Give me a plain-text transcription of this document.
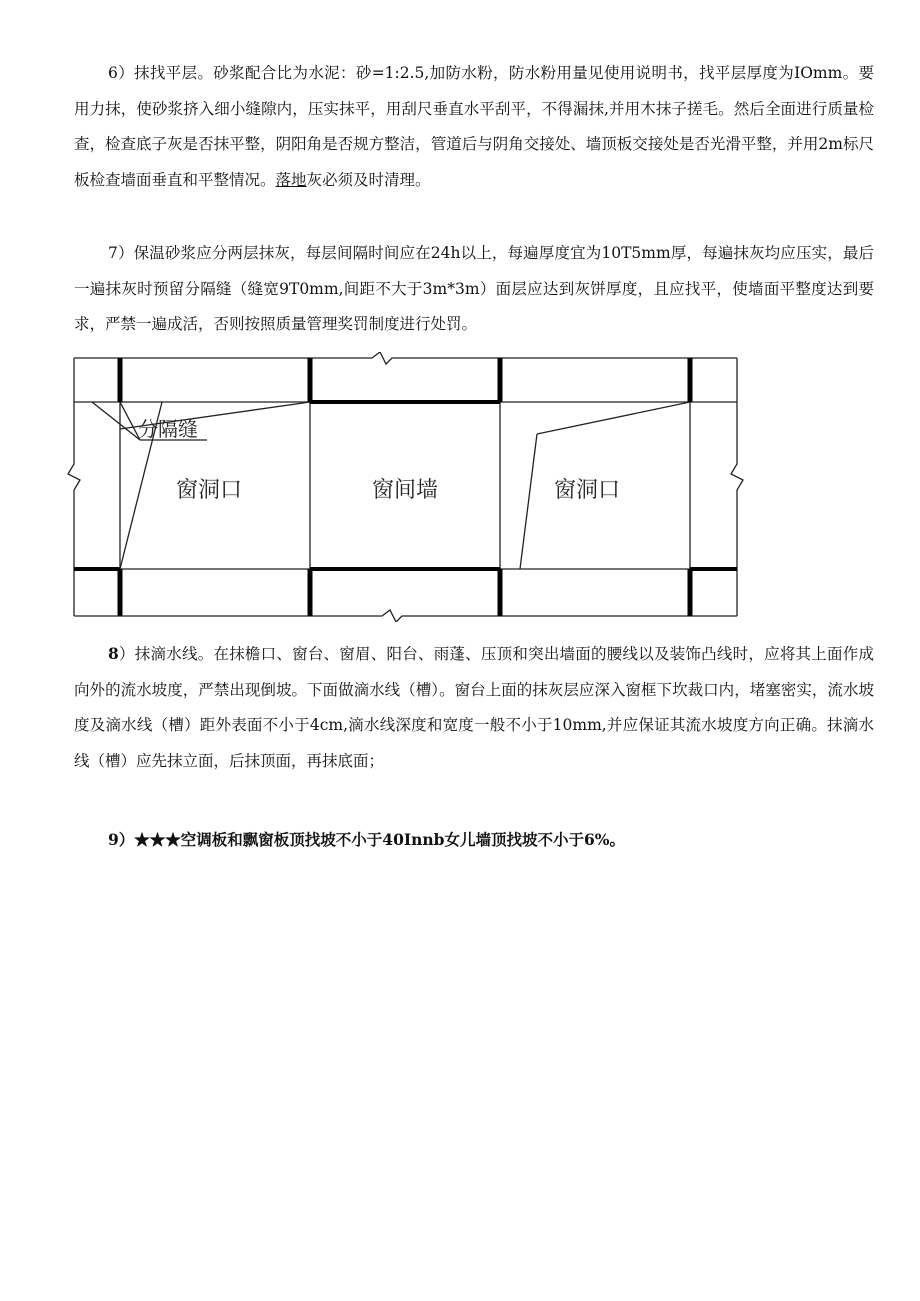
6）抹找平层。砂浆配合比为水泥：砂=1:2.5,加防水粉，防水粉用量见使用说明书，找平层厚度为IOmm。要用力抹，使砂浆挤入细小缝隙内，压实抹平，用刮尺垂直水平刮平，不得漏抹,并用木抹子搓毛。然后全面进行质量检查，检查底子灰是否抹平整，阴阳角是否规方整洁，管道后与阴角交接处、墙顶板交接处是否光滑平整，并用2m标尺板检查墙面垂直和平整情况。落地灰必须及时清理。

7）保温砂浆应分两层抹灰，每层间隔时间应在24h以上，每遍厚度宜为10T5mm厚，每遍抹灰均应压实，最后一遍抹灰时预留分隔缝（缝宽9T0mm,间距不大于3m*3m）面层应达到灰饼厚度，且应找平，使墙面平整度达到要求，严禁一遍成活，否则按照质量管理奖罚制度进行处罚。

分隔缝
窗洞口	窗间墙	窗洞口

8）抹滴水线。在抹檐口、窗台、窗眉、阳台、雨蓬、压顶和突出墙面的腰线以及装饰凸线时，应将其上面作成向外的流水坡度，严禁出现倒坡。下面做滴水线（槽）。窗台上面的抹灰层应深入窗框下坎裁口内，堵塞密实，流水坡度及滴水线（槽）距外表面不小于4cm,滴水线深度和宽度一般不小于10mm,并应保证其流水坡度方向正确。抹滴水线（槽）应先抹立面，后抹顶面，再抹底面；

9）★★★空调板和飘窗板顶找坡不小于40Innb女儿墙顶找坡不小于6%。
